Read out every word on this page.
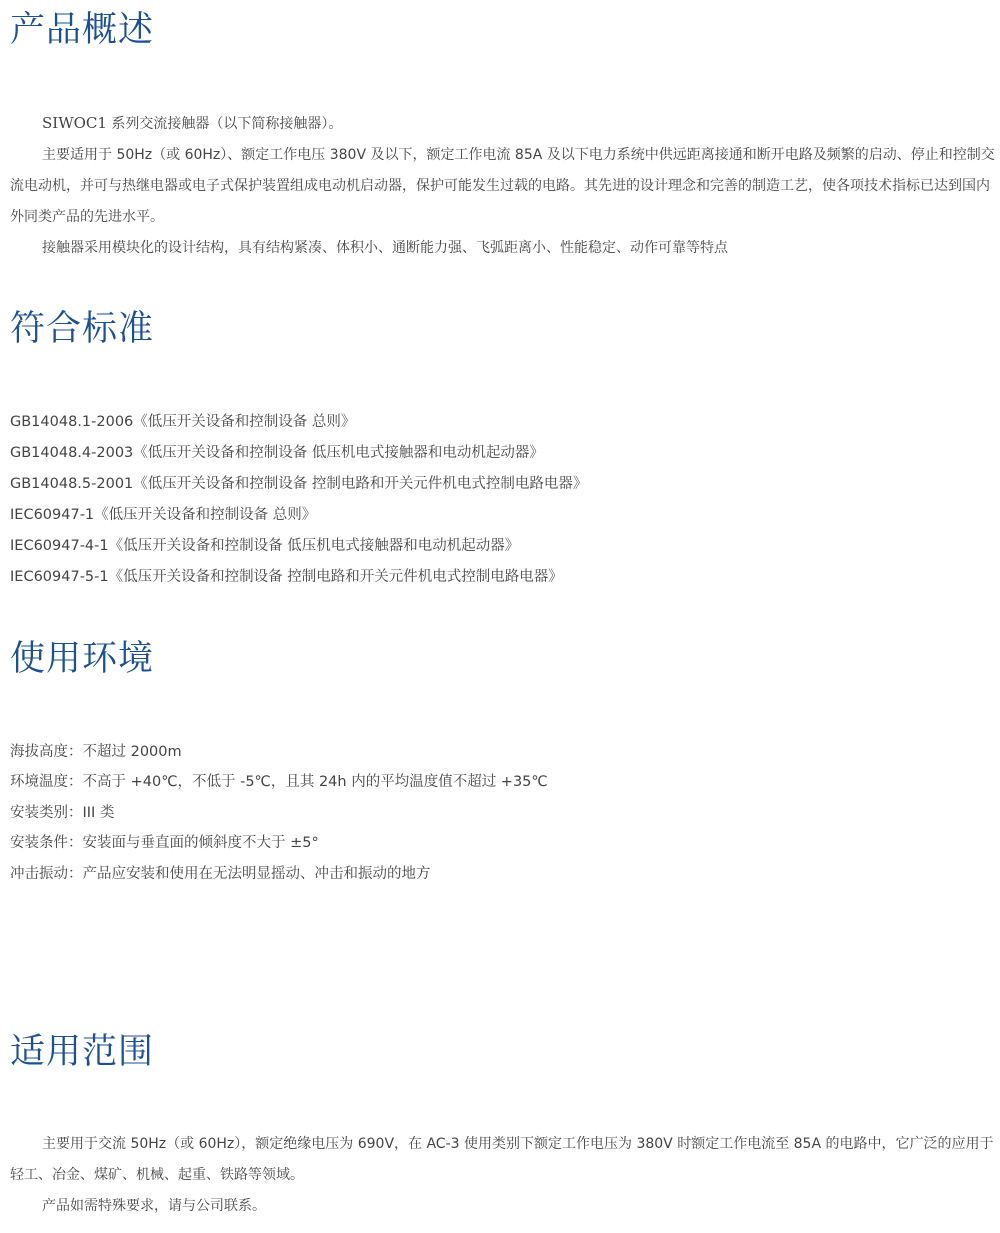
产品概述

SIWOC1 系列交流接触器（以下简称接触器）。

主要适用于 50Hz（或 60Hz）、额定工作电压 380V 及以下，额定工作电流 85A 及以下电力系统中供远距离接通和断开电路及频繁的启动、停止和控制交流电动机，并可与热继电器或电子式保护装置组成电动机启动器，保护可能发生过载的电路。其先进的设计理念和完善的制造工艺，使各项技术指标已达到国内外同类产品的先进水平。

接触器采用模块化的设计结构，具有结构紧凑、体积小、通断能力强、飞弧距离小、性能稳定、动作可靠等特点

符合标准
GB14048.1-2006《低压开关设备和控制设备 总则》
GB14048.4-2003《低压开关设备和控制设备 低压机电式接触器和电动机起动器》
GB14048.5-2001《低压开关设备和控制设备 控制电路和开关元件机电式控制电路电器》
IEC60947-1《低压开关设备和控制设备 总则》
IEC60947-4-1《低压开关设备和控制设备 低压机电式接触器和电动机起动器》
IEC60947-5-1《低压开关设备和控制设备 控制电路和开关元件机电式控制电路电器》
使用环境
海拔高度：不超过 2000m
环境温度：不高于 +40℃，不低于 -5℃，且其 24h 内的平均温度值不超过 +35℃
安装类别：III 类
安装条件：安装面与垂直面的倾斜度不大于 ±5°
冲击振动：产品应安装和使用在无法明显摇动、冲击和振动的地方
适用范围

主要用于交流 50Hz（或 60Hz），额定绝缘电压为 690V，在 AC-3 使用类别下额定工作电压为 380V 时额定工作电流至 85A 的电路中，它广泛的应用于轻工、冶金、煤矿、机械、起重、铁路等领域。

产品如需特殊要求，请与公司联系。
